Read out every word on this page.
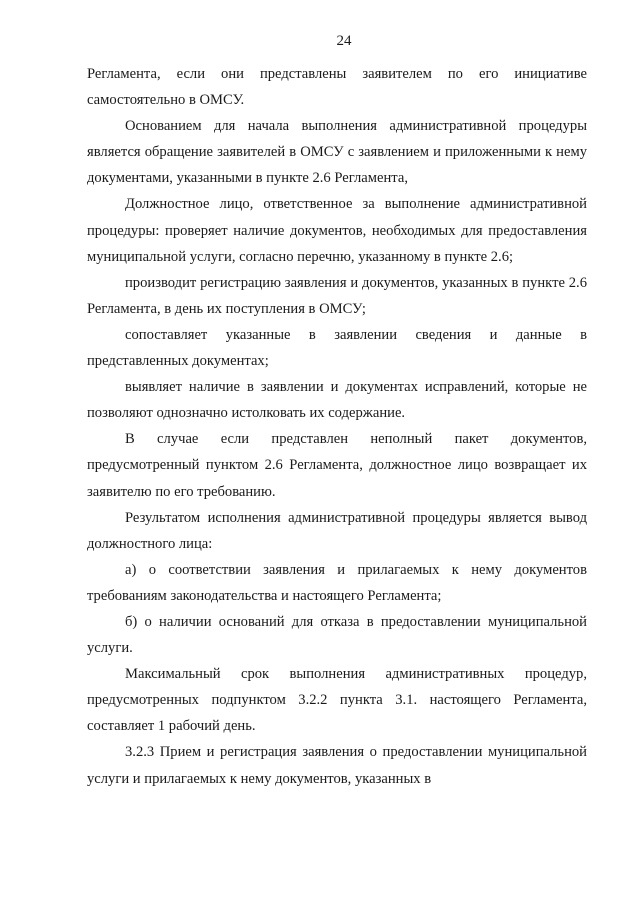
24

Регламента, если они представлены заявителем по его инициативе самостоятельно в ОМСУ.

Основанием для начала выполнения административной процедуры является обращение заявителей в ОМСУ с заявлением и приложенными к нему документами, указанными в пункте 2.6 Регламента,

Должностное лицо, ответственное за выполнение административной процедуры: проверяет наличие документов, необходимых для предоставления муниципальной услуги, согласно перечню, указанному в пункте 2.6;

производит регистрацию заявления и документов, указанных в пункте 2.6 Регламента, в день их поступления в ОМСУ;

сопоставляет указанные в заявлении сведения и данные в представленных документах;

выявляет наличие в заявлении и документах исправлений, которые не позволяют однозначно истолковать их содержание.

В случае если представлен неполный пакет документов, предусмотренный пунктом 2.6 Регламента, должностное лицо возвращает их заявителю по его требованию.

Результатом исполнения административной процедуры является вывод должностного лица:

а) о соответствии заявления и прилагаемых к нему документов требованиям законодательства и настоящего Регламента;

б) о наличии оснований для отказа в предоставлении муниципальной услуги.

Максимальный срок выполнения административных процедур, предусмотренных подпунктом 3.2.2 пункта 3.1. настоящего Регламента, составляет 1 рабочий день.

3.2.3 Прием и регистрация заявления о предоставлении муниципальной услуги и прилагаемых к нему документов, указанных в
